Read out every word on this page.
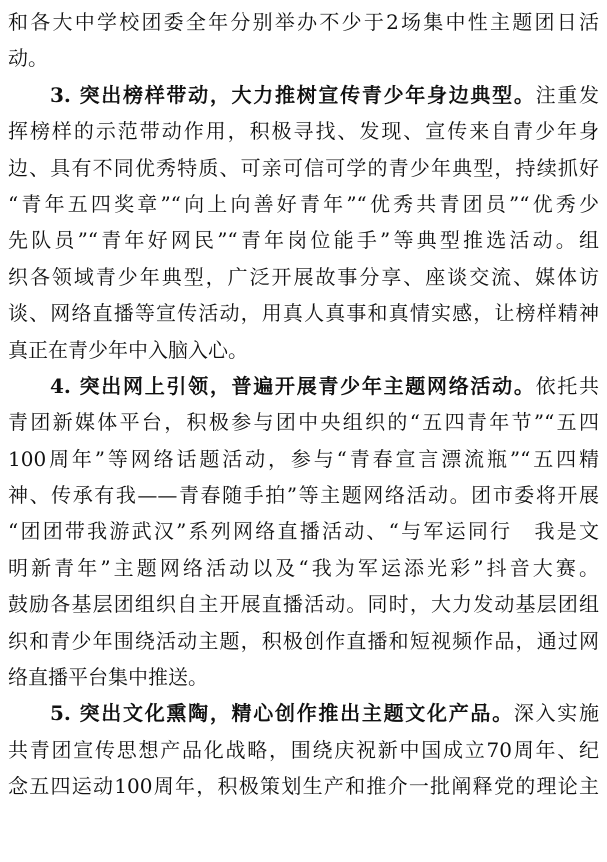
和各大中学校团委全年分别举办不少于2场集中性主题团日活
动。
3. 突出榜样带动，大力推树宣传青少年身边典型。注重发
挥榜样的示范带动作用，积极寻找、发现、宣传来自青少年身
边、具有不同优秀特质、可亲可信可学的青少年典型，持续抓好
“青年五四奖章”“向上向善好青年”“优秀共青团员”“优秀少
先队员”“青年好网民”“青年岗位能手”等典型推选活动。组
织各领域青少年典型，广泛开展故事分享、座谈交流、媒体访
谈、网络直播等宣传活动，用真人真事和真情实感，让榜样精神
真正在青少年中入脑入心。
4. 突出网上引领，普遍开展青少年主题网络活动。依托共
青团新媒体平台，积极参与团中央组织的“五四青年节”“五四
100周年”等网络话题活动，参与“青春宣言漂流瓶”“五四精
神、传承有我——青春随手拍”等主题网络活动。团市委将开展
“团团带我游武汉”系列网络直播活动、“与军运同行　我是文
明新青年”主题网络活动以及“我为军运添光彩”抖音大赛。
鼓励各基层团组织自主开展直播活动。同时，大力发动基层团组
织和青少年围绕活动主题，积极创作直播和短视频作品，通过网
络直播平台集中推送。
5. 突出文化熏陶，精心创作推出主题文化产品。深入实施
共青团宣传思想产品化战略，围绕庆祝新中国成立70周年、纪
念五四运动100周年，积极策划生产和推介一批阐释党的理论主
